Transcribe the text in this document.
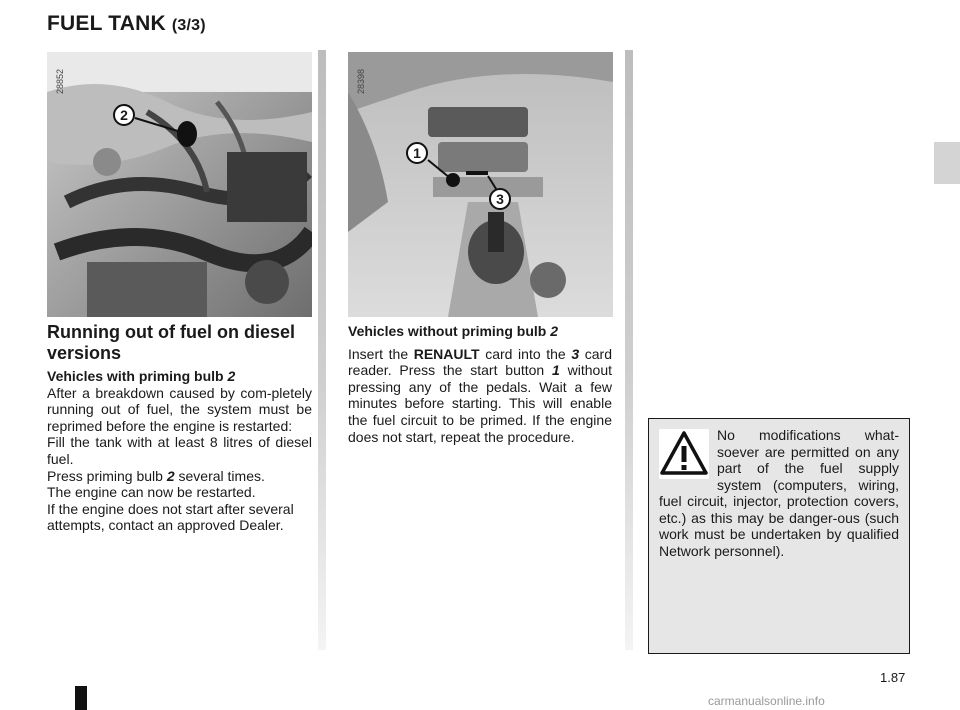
FUEL TANK (3/3)
28852
2
28398
1
3
Running out of fuel on diesel versions

Vehicles with priming bulb 2

After a breakdown caused by com-pletely running out of fuel, the system must be reprimed before the engine is restarted:

Fill the tank with at least 8 litres of diesel fuel.

Press priming bulb 2 several times.

The engine can now be restarted.

If the engine does not start after several attempts, contact an approved Dealer.

Vehicles without priming bulb 2

Insert the RENAULT card into the 3 card reader. Press the start button 1 without pressing any of the pedals. Wait a few minutes before starting. This will enable the fuel circuit to be primed. If the engine does not start, repeat the procedure.	No modifications what-soever are permitted on any part of the fuel supply system (computers, wiring, fuel circuit, injector, protection covers, etc.) as this may be danger-ous (such work must be undertaken by qualified Network personnel).
1.87
carmanualsonline.info
